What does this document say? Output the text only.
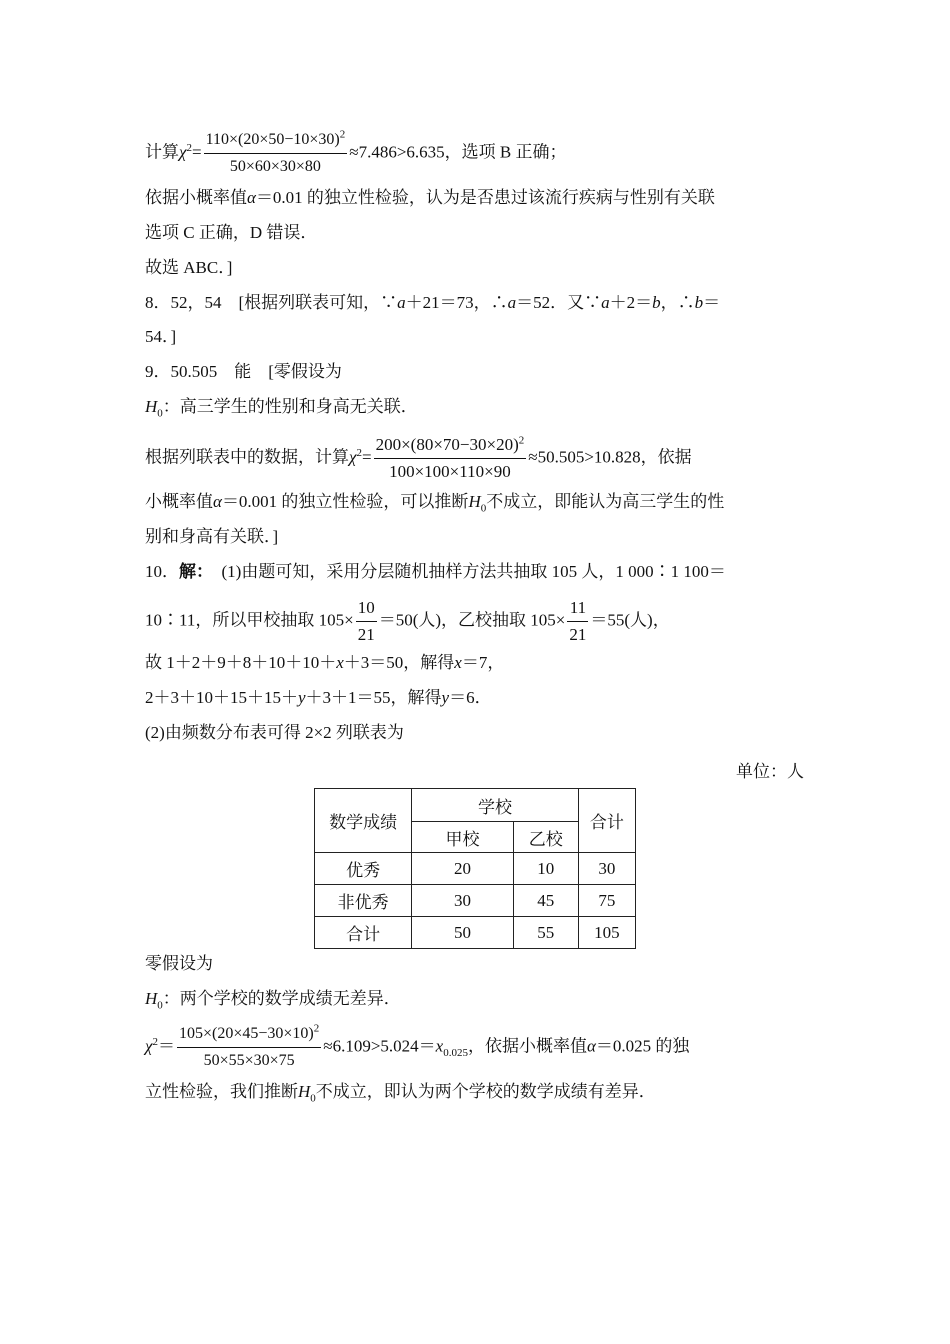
计算$\chi^2= \frac{110\times(20\times 50-10\times 30)^2}{50\times 60\times 30\times 80} \approx 7.486>6.635$，选项 B 正确；
依据小概率值α＝0.01 的独立性检验，认为是否患过该流行疾病与性别有关联
选项 C 正确，D 错误．
故选 ABC．]
8．52，54　[根据列联表可知，∵a＋21＝73，∴a＝52．又∵a＋2＝b，∴b＝
54．]
9．50.505　能　[零假设为
$H_0$：高三学生的性别和身高无关联．
根据列联表中的数据，计算$\chi^2= \frac{200\times(80\times 70-30\times 20)^2}{100\times 100\times 110\times 90} \approx 50.505>10.828$，依据
小概率值α＝0.001 的独立性检验，可以推断$H_0$不成立，即能认为高三学生的性
别和身高有关联．]
10．解：　(1)由题可知，采用分层随机抽样方法共抽取 105 人，1 000∶1 100＝
10∶11，所以甲校抽取 $105\times \frac{10}{21} =50$(人)，乙校抽取 $105\times \frac{11}{21} =55$(人)，
故 1＋2＋9＋8＋10＋10＋x＋3＝50，解得x＝7，
2＋3＋10＋15＋15＋y＋3＋1＝55，解得y＝6．
(2)由频数分布表可得 2×2 列联表为
单位：人
数学成绩	学校		合计
	甲校	乙校	
优秀	20	10	30
非优秀	30	45	75
合计	50	55	105
零假设为
$H_0$：两个学校的数学成绩无差异．
$\chi^2= \frac{105\times(20\times 45-30\times 10)^2}{50\times 55\times 30\times 75} \approx 6.109>5.024=x_{0.025}$，依据小概率值α＝0.025 的独
立性检验，我们推断$H_0$不成立，即认为两个学校的数学成绩有差异．
